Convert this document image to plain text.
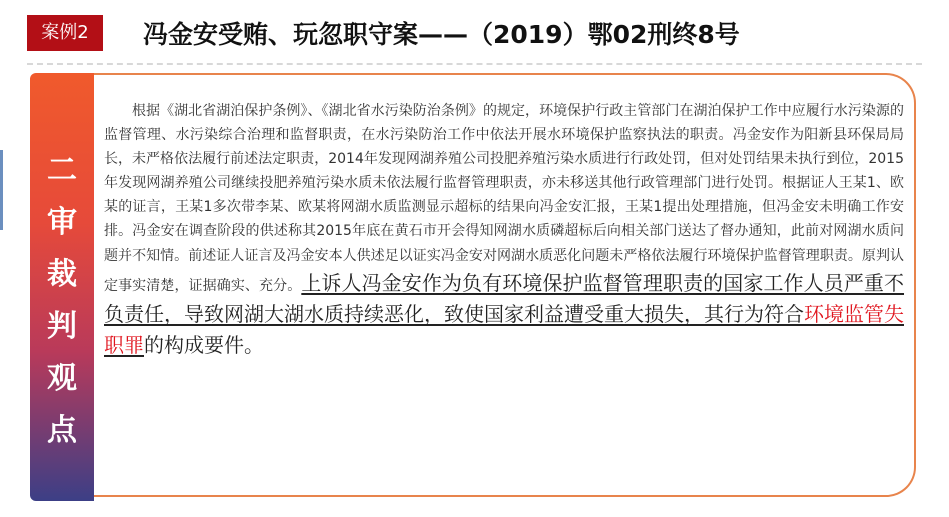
案例2	冯金安受贿、玩忽职守案——（2019）鄂02刑终8号
二
审
裁
判
观
点
根据《湖北省湖泊保护条例》、《湖北省水污染防治条例》的规定，环境保护行政主管部门在湖泊保护工作中应履行水污染源的监督管理、水污染综合治理和监督职责，在水污染防治工作中依法开展水环境保护监察执法的职责。冯金安作为阳新县环保局局长，未严格依法履行前述法定职责，2014年发现网湖养殖公司投肥养殖污染水质进行行政处罚，但对处罚结果未执行到位，2015年发现网湖养殖公司继续投肥养殖污染水质未依法履行监督管理职责，亦未移送其他行政管理部门进行处罚。根据证人王某1、欧某的证言，王某1多次带李某、欧某将网湖水质监测显示超标的结果向冯金安汇报，王某1提出处理措施，但冯金安未明确工作安排。冯金安在调查阶段的供述称其2015年底在黄石市开会得知网湖水质磷超标后向相关部门送达了督办通知，此前对网湖水质问题并不知情。前述证人证言及冯金安本人供述足以证实冯金安对网湖水质恶化问题未严格依法履行环境保护监督管理职责。原判认定事实清楚，证据确实、充分。上诉人冯金安作为负有环境保护监督管理职责的国家工作人员严重不负责任，导致网湖大湖水质持续恶化，致使国家利益遭受重大损失，其行为符合环境监管失职罪的构成要件。
